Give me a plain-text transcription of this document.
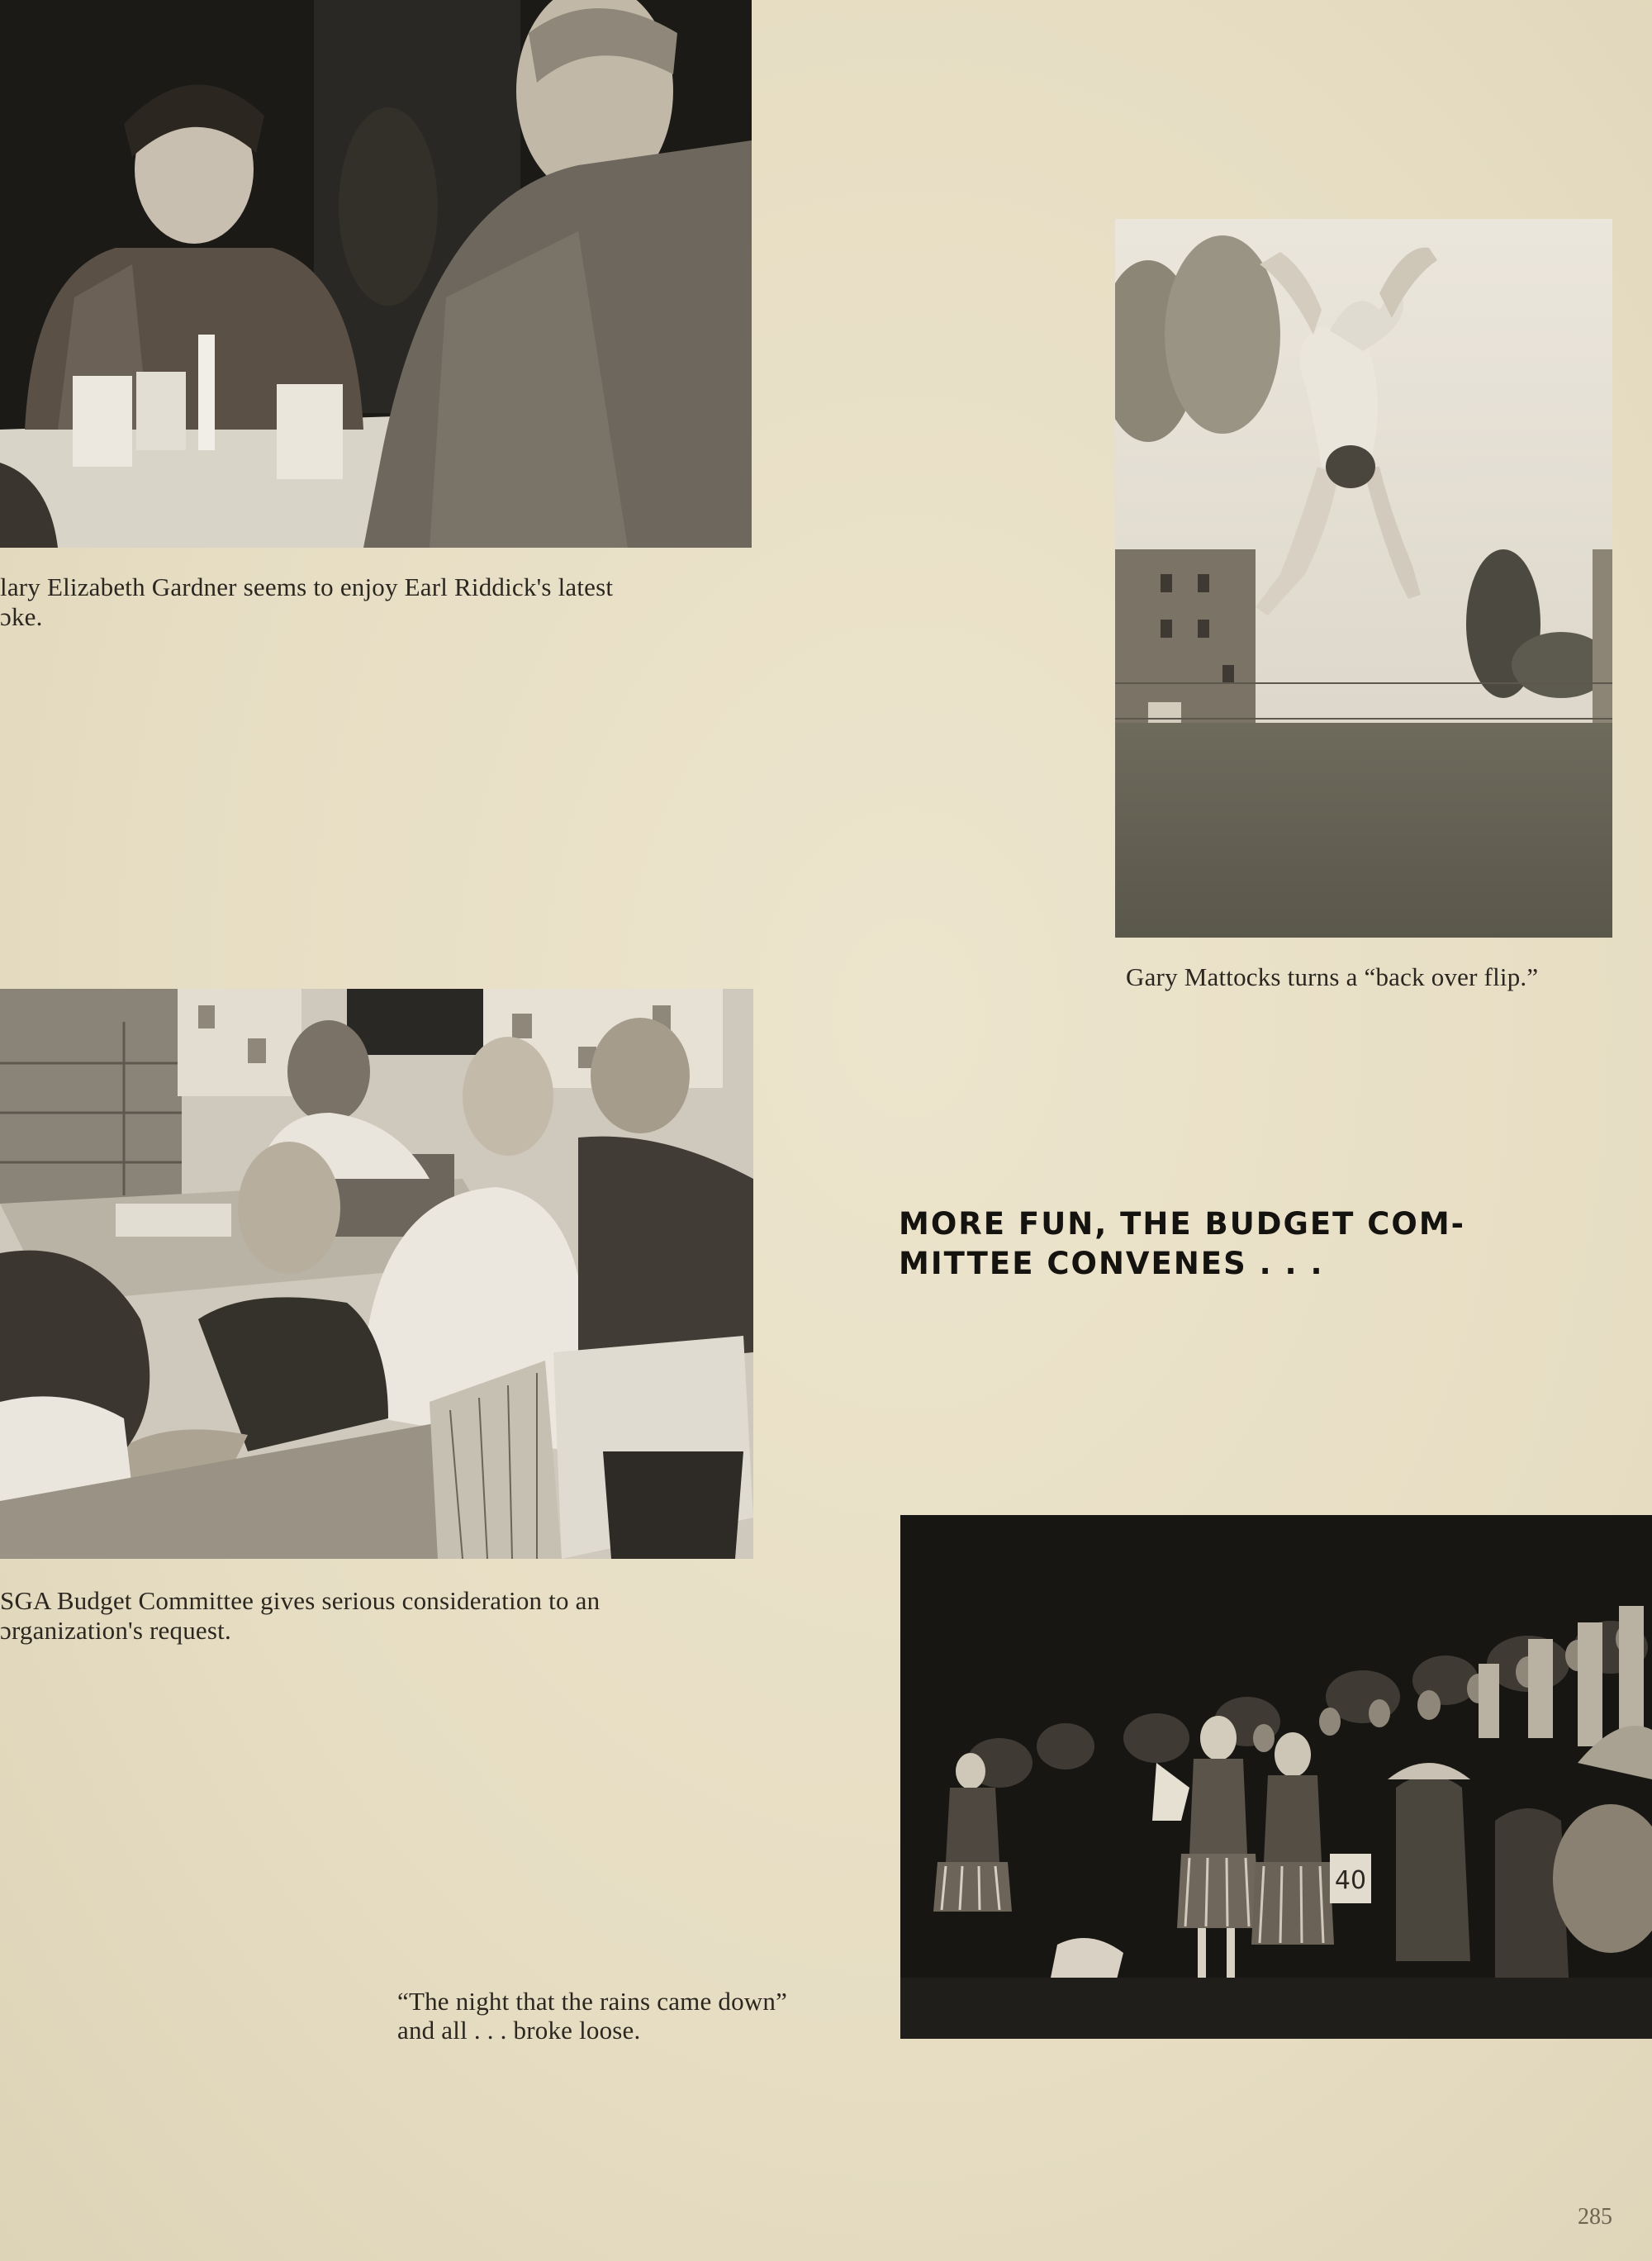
lary Elizabeth Gardner seems to enjoy Earl Riddick's latest
ɔke.
Gary Mattocks turns a “back over flip.”
SGA Budget Committee gives serious consideration to an
ɔrganization's request.
MORE FUN, THE BUDGET COM-
MITTEE CONVENES . . .
40
“The night that the rains came down”
and all . . . broke loose.
285
